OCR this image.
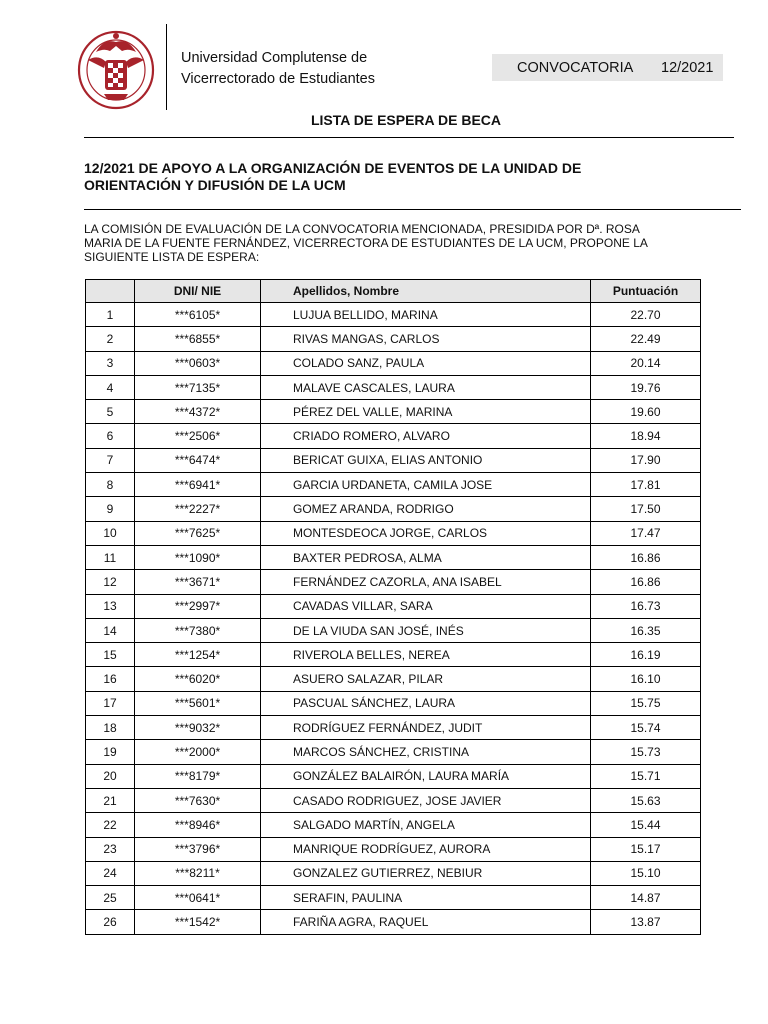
Universidad Complutense de
Vicerrectorado de Estudiantes
CONVOCATORIA 12/2021
LISTA DE ESPERA DE BECA
12/2021 DE APOYO A LA ORGANIZACIÓN DE EVENTOS DE LA UNIDAD DE
ORIENTACIÓN Y DIFUSIÓN DE LA UCM
LA COMISIÓN DE EVALUACIÓN DE LA CONVOCATORIA MENCIONADA, PRESIDIDA POR Dª. ROSA
MARIA DE LA FUENTE FERNÁNDEZ, VICERRECTORA DE ESTUDIANTES DE LA UCM, PROPONE LA
SIGUIENTE LISTA DE ESPERA:
	DNI/ NIE	Apellidos, Nombre	Puntuación
1	***6105*	LUJUA BELLIDO, MARINA	22.70
2	***6855*	RIVAS MANGAS, CARLOS	22.49
3	***0603*	COLADO SANZ, PAULA	20.14
4	***7135*	MALAVE CASCALES, LAURA	19.76
5	***4372*	PÉREZ DEL VALLE, MARINA	19.60
6	***2506*	CRIADO ROMERO, ALVARO	18.94
7	***6474*	BERICAT GUIXA, ELIAS ANTONIO	17.90
8	***6941*	GARCIA URDANETA, CAMILA JOSE	17.81
9	***2227*	GOMEZ ARANDA, RODRIGO	17.50
10	***7625*	MONTESDEOCA JORGE, CARLOS	17.47
11	***1090*	BAXTER PEDROSA, ALMA	16.86
12	***3671*	FERNÁNDEZ CAZORLA, ANA ISABEL	16.86
13	***2997*	CAVADAS VILLAR, SARA	16.73
14	***7380*	DE LA VIUDA SAN JOSÉ, INÉS	16.35
15	***1254*	RIVEROLA BELLES, NEREA	16.19
16	***6020*	ASUERO SALAZAR, PILAR	16.10
17	***5601*	PASCUAL SÁNCHEZ, LAURA	15.75
18	***9032*	RODRÍGUEZ FERNÁNDEZ, JUDIT	15.74
19	***2000*	MARCOS SÁNCHEZ, CRISTINA	15.73
20	***8179*	GONZÁLEZ BALAIRÓN, LAURA MARÍA	15.71
21	***7630*	CASADO RODRIGUEZ, JOSE JAVIER	15.63
22	***8946*	SALGADO MARTÍN, ANGELA	15.44
23	***3796*	MANRIQUE RODRÍGUEZ, AURORA	15.17
24	***8211*	GONZALEZ GUTIERREZ, NEBIUR	15.10
25	***0641*	SERAFIN, PAULINA	14.87
26	***1542*	FARIÑA AGRA, RAQUEL	13.87
